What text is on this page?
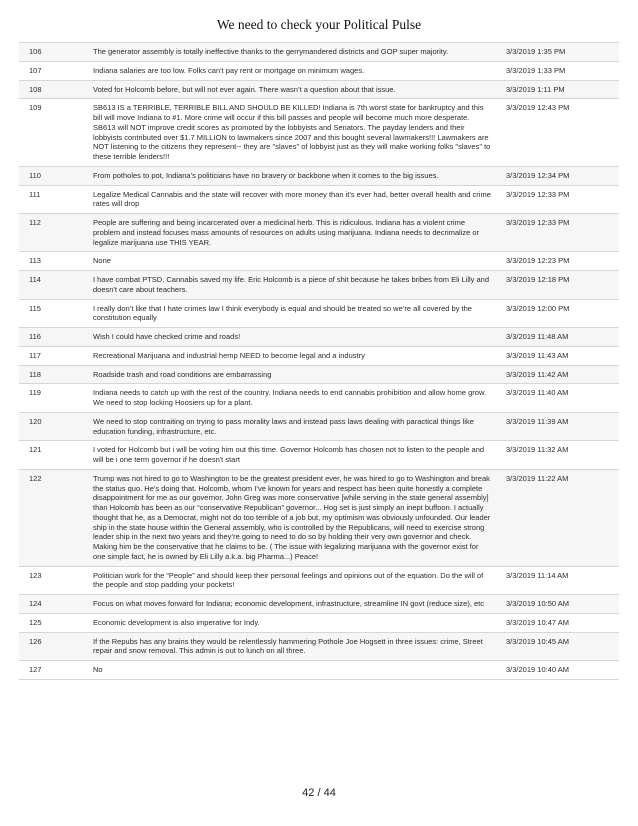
We need to check your Political Pulse
106	The generator assembly is totally ineffective thanks to the gerrymandered districts and GOP super majority.	3/3/2019 1:35 PM
107	Indiana salaries are too low. Folks can't pay rent or mortgage on minimum wages.	3/3/2019 1:33 PM
108	Voted for Holcomb before, but will not ever again. There wasn’t a question about that issue.	3/3/2019 1:11 PM
109	SB613 IS a TERRIBLE, TERRIBLE BILL AND SHOULD BE KILLED! Indiana is 7th worst state for bankruptcy and this bill will move Indiana to #1. More crime will occur if this bill passes and people will become much more desperate. SB613 will NOT improve credit scores as promoted by the lobbyists and Senators. The payday lenders and their lobbyists contributed over $1.7 MILLION to lawmakers since 2007 and this bought several lawmakers!!! Lawmakers are NOT listening to the citizens they represent-- they are "slaves" of lobbyist just as they will make working folks "slaves" to these terrible lenders!!!	3/3/2019 12:43 PM
110	From potholes to pot, Indiana’s politicians have no bravery or backbone when it comes to the big issues.	3/3/2019 12:34 PM
111	Legalize Medical Cannabis and the state will recover with more money than it's ever had, better overall health and crime rates will drop	3/3/2019 12:33 PM
112	People are suffering and being incarcerated over a medicinal herb. This is ridiculous. Indiana has a violent crime problem and instead focuses mass amounts of resources on adults using marijuana. Indiana needs to decrimalize or legalize marijuana use THIS YEAR.	3/3/2019 12:33 PM
113	None	3/3/2019 12:23 PM
114	I have combat PTSD. Cannabis saved my life. Eric Holcomb is a piece of shit because he takes bribes from Eli Lilly and doesn't care about teachers.	3/3/2019 12:18 PM
115	I really don’t like that I hate crimes law I think everybody is equal and should be treated so we’re all covered by the constitution equally	3/3/2019 12:00 PM
116	Wish I could have checked crime and roads!	3/3/2019 11:48 AM
117	Recreational Marijuana and industrial hemp NEED to become legal and a industry	3/3/2019 11:43 AM
118	Roadside trash and road conditions are embarrassing	3/3/2019 11:42 AM
119	Indiana needs to catch up with the rest of the country. Indiana needs to end cannabis prohibition and allow home grow. We need to stop locking Hoosiers up for a plant.	3/3/2019 11:40 AM
120	We need to stop contraiting on trying to pass morality laws and instead pass laws dealing with paractical things like education funding, infrastructure, etc.	3/3/2019 11:39 AM
121	I voted for Holcomb but i will be voting him out this time. Governor Holcomb has chosen not to listen to the people and will be i one term governor if he doesn't start	3/3/2019 11:32 AM
122	Trump was not hired to go to Washington to be the greatest president ever, he was hired to go to Washington and break the status quo. He’s doing that. Holcomb, whom I’ve known for years and respect has been quite honestly a complete disappointment for me as our governor. John Greg was more conservative [while serving in the state general assembly] than Holcomb has been as our “conservative Republican” governor... Hog set is just simply an inept buffoon. I actually thought that he, as a Democrat, might not do too terrible of a job but, my optimism was obviously unfounded. Our leader ship in the state house within the General assembly, who is controlled by the Republicans, will need to exercise strong leader ship in the next two years and they’re going to need to do so by holding their very own governor and check. Making him be the conservative that he claims to be. ( The issue with legalizing marijuana with the governor exist for one simple fact, he is owned by Eli Lilly a.k.a. big Pharma...) Peace!	3/3/2019 11:22 AM
123	Politician work for the “People” and should keep their personal feelings and opinions out of the equation. Do the will of the people and stop padding your pockets!	3/3/2019 11:14 AM
124	Focus on what moves forward for Indiana; economic development, infrastructure, streamline IN govt (reduce size), etc	3/3/2019 10:50 AM
125	Economic development is also imperative for Indy.	3/3/2019 10:47 AM
126	If the Repubs has any brains they would be relentlessly hammering Pothole Joe Hogsett in three issues: crime, Street repair and snow removal. This admin is out to lunch on all three.	3/3/2019 10:45 AM
127	No	3/3/2019 10:40 AM
42 / 44
